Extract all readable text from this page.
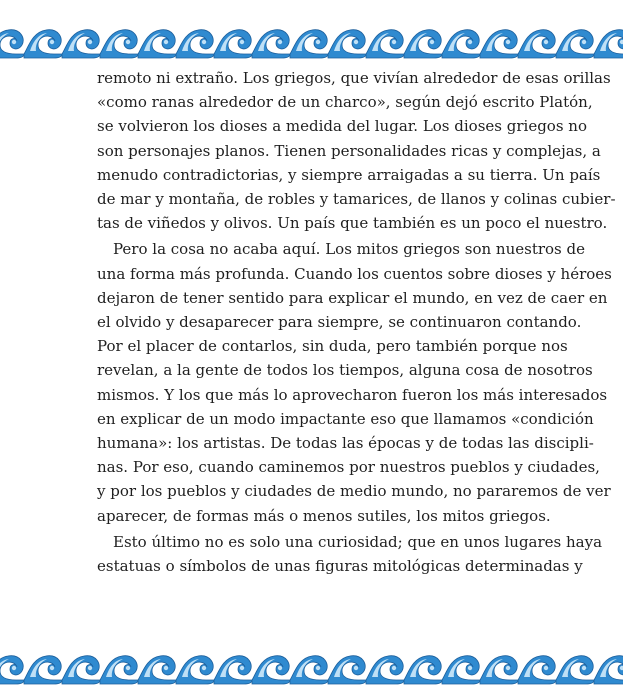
remoto ni extraño. Los griegos, que vivían alrededor de esas orillas
«como ranas alrededor de un charco», según dejó escrito Platón,
se volvieron los dioses a medida del lugar. Los dioses griegos no
son personajes planos. Tienen personalidades ricas y complejas, a
menudo contradictorias, y siempre arraigadas a su tierra. Un país
de mar y montaña, de robles y tamarices, de llanos y colinas cubier-
tas de viñedos y olivos. Un país que también es un poco el nuestro.
Pero la cosa no acaba aquí. Los mitos griegos son nuestros de
una forma más profunda. Cuando los cuentos sobre dioses y héroes
dejaron de tener sentido para explicar el mundo, en vez de caer en
el olvido y desaparecer para siempre, se continuaron contando.
Por el placer de contarlos, sin duda, pero también porque nos
revelan, a la gente de todos los tiempos, alguna cosa de nosotros
mismos. Y los que más lo aprovecharon fueron los más interesados
en explicar de un modo impactante eso que llamamos «condición
humana»: los artistas. De todas las épocas y de todas las discipli-
nas. Por eso, cuando caminemos por nuestros pueblos y ciudades,
y por los pueblos y ciudades de medio mundo, no pararemos de ver
aparecer, de formas más o menos sutiles, los mitos griegos.
Esto último no es solo una curiosidad; que en unos lugares haya
estatuas o símbolos de unas figuras mitológicas determinadas y
